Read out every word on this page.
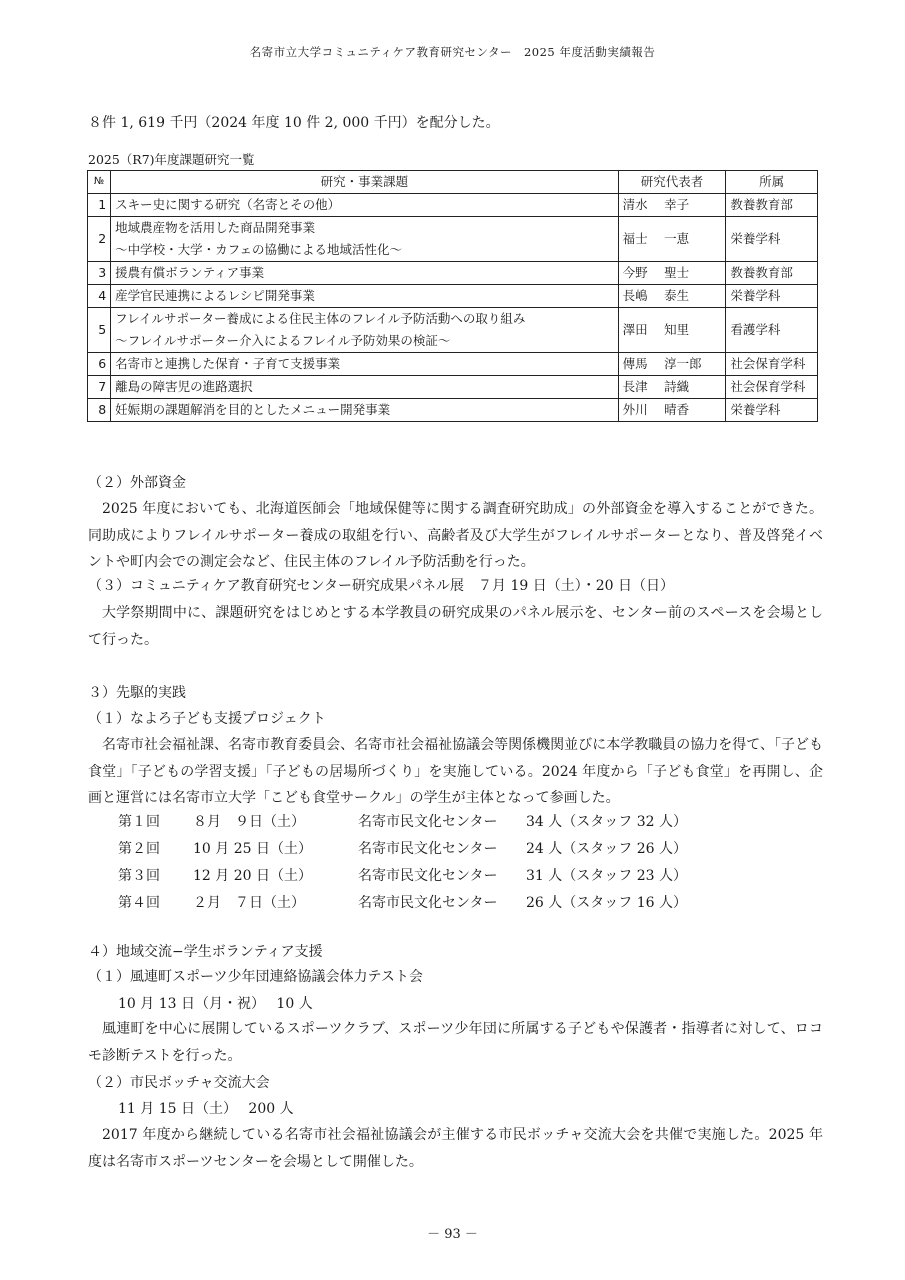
名寄市立大学コミュニティケア教育研究センター　2025 年度活動実績報告
８件 1, 619 千円（2024 年度 10 件 2, 000 千円）を配分した。
2025（R7)年度課題研究一覧
№	研究・事業課題	研究代表者	所属
1	スキー史に関する研究（名寄とその他）	清水　 幸子	教養教育部
2	地域農産物を活用した商品開発事業
～中学校・大学・カフェの協働による地域活性化～	福士　 一恵	栄養学科
3	援農有償ボランティア事業	今野　 聖士	教養教育部
4	産学官民連携によるレシピ開発事業	長嶋　 泰生	栄養学科
5	フレイルサポーター養成による住民主体のフレイル予防活動への取り組み
～フレイルサポーター介入によるフレイル予防効果の検証～	澤田　 知里	看護学科
6	名寄市と連携した保育・子育て支援事業	傳馬　 淳一郎	社会保育学科
7	離島の障害児の進路選択	長津　 詩織	社会保育学科
8	妊娠期の課題解消を目的としたメニュー開発事業	外川　 晴香	栄養学科
（２）外部資金
2025 年度においても、北海道医師会「地域保健等に関する調査研究助成」の外部資金を導入することができた。同助成によりフレイルサポーター養成の取組を行い、高齢者及び大学生がフレイルサポーターとなり、普及啓発イベントや町内会での測定会など、住民主体のフレイル予防活動を行った。
（３）コミュニティケア教育研究センター研究成果パネル展　７月 19 日（土）・20 日（日）
大学祭期間中に、課題研究をはじめとする本学教員の研究成果のパネル展示を、センター前のスペースを会場として行った。
３）先駆的実践
（１）なよろ子ども支援プロジェクト
名寄市社会福祉課、名寄市教育委員会、名寄市社会福祉協議会等関係機関並びに本学教職員の協力を得て、「子ども食堂」「子どもの学習支援」「子どもの居場所づくり」を実施している。2024 年度から「子ども食堂」を再開し、企画と運営には名寄市立大学「こども食堂サークル」の学生が主体となって参画した。
第１回 ８月　９日（土）	名寄市民文化センター 34 人（スタッフ 32 人）
第２回 10 月 25 日（土）	名寄市民文化センター 24 人（スタッフ 26 人）
第３回 12 月 20 日（土）	名寄市民文化センター 31 人（スタッフ 23 人）
第４回 ２月　７日（土）	名寄市民文化センター 26 人（スタッフ 16 人）
４）地域交流−学生ボランティア支援
（１）風連町スポーツ少年団連絡協議会体力テスト会
10 月 13 日（月・祝）　 10 人
風連町を中心に展開しているスポーツクラブ、スポーツ少年団に所属する子どもや保護者・指導者に対して、ロコモ診断テストを行った。
（２）市民ボッチャ交流大会
11 月 15 日（土）　 200 人
2017 年度から継続している名寄市社会福祉協議会が主催する市民ボッチャ交流大会を共催で実施した。2025 年度は名寄市スポーツセンターを会場として開催した。
－ 93 －
